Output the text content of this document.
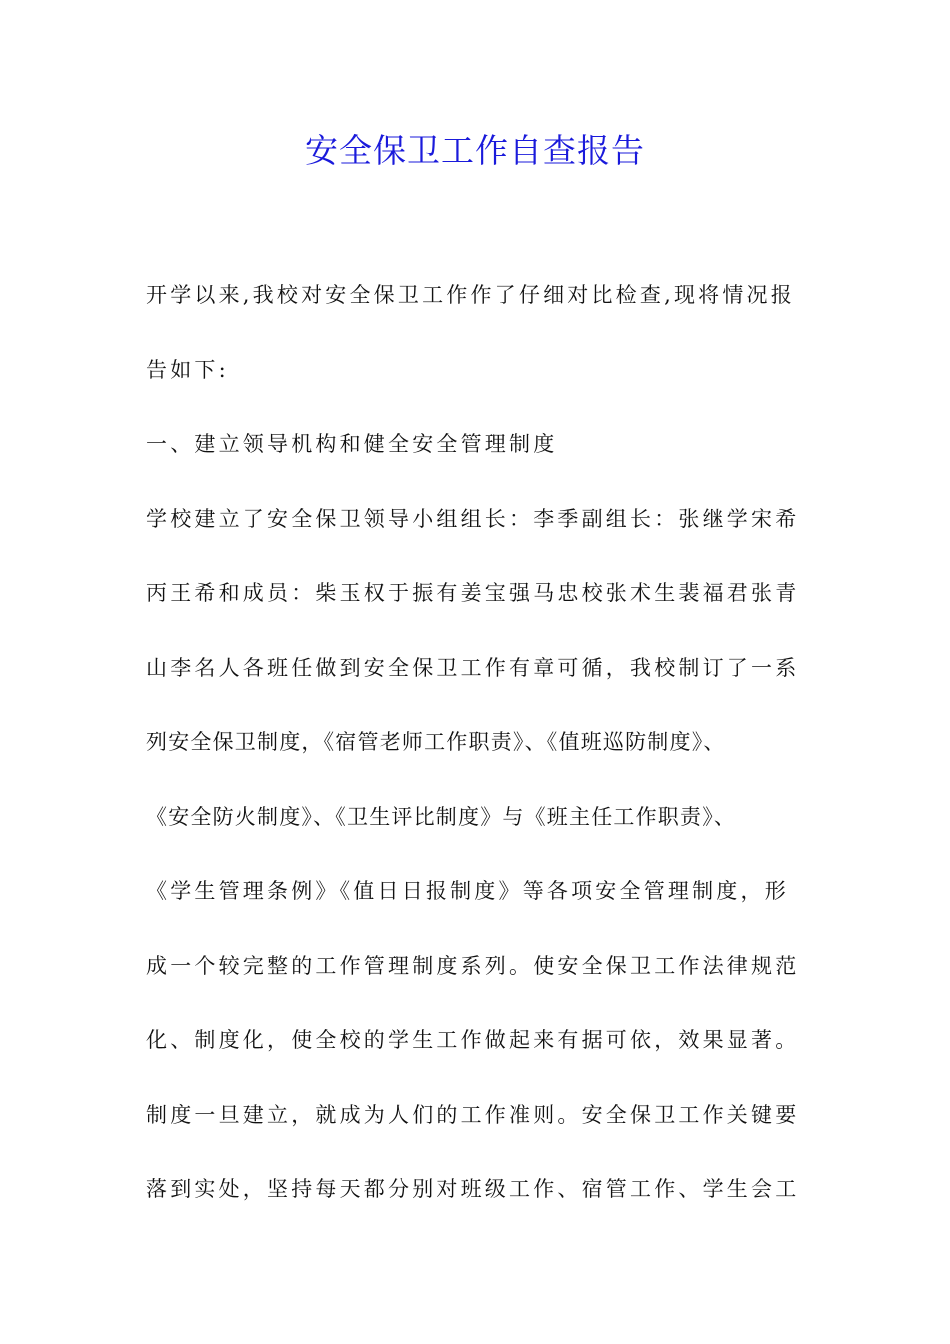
安全保卫工作自查报告
开学以来,我校对安全保卫工作作了仔细对比检查,现将情况报
告如下:
一、建立领导机构和健全安全管理制度
学校建立了安全保卫领导小组组长：李季副组长：张继学宋希
丙王希和成员：柴玉权于振有姜宝强马忠校张术生裴福君张青
山李名人各班任做到安全保卫工作有章可循，我校制订了一系
列安全保卫制度，《宿管老师工作职责》、《值班巡防制度》、
《安全防火制度》、《卫生评比制度》与《班主任工作职责》、
《学生管理条例》《值日日报制度》等各项安全管理制度，形
成一个较完整的工作管理制度系列。使安全保卫工作法律规范
化、制度化，使全校的学生工作做起来有据可依，效果显著。
制度一旦建立，就成为人们的工作准则。安全保卫工作关键要
落到实处，坚持每天都分别对班级工作、宿管工作、学生会工
